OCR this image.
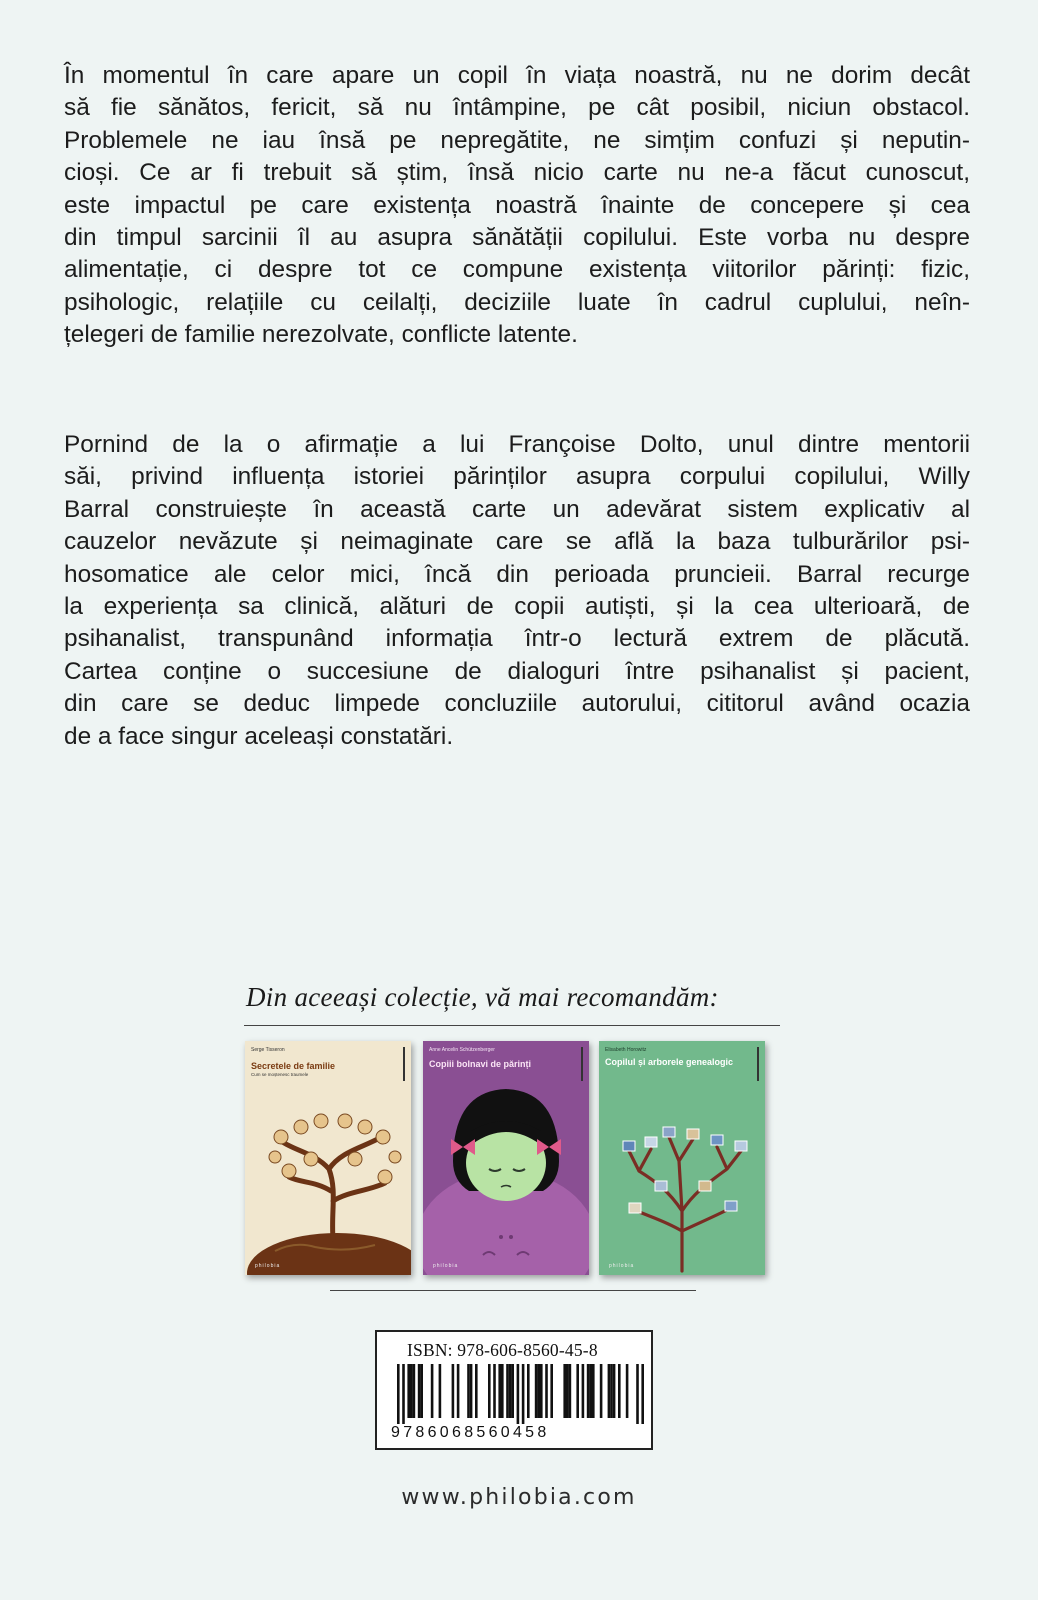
În momentul în care apare un copil în viața noastră, nu ne dorim decât
să fie sănătos, fericit, să nu întâmpine, pe cât posibil, niciun obstacol.
Problemele ne iau însă pe nepregătite, ne simțim confuzi și neputin-
cioși. Ce ar fi trebuit să știm, însă nicio carte nu ne-a făcut cunoscut,
este impactul pe care existența noastră înainte de concepere și cea
din timpul sarcinii îl au asupra sănătății copilului. Este vorba nu despre
alimentație, ci despre tot ce compune existența viitorilor părinți: fizic,
psihologic, relațiile cu ceilalți, deciziile luate în cadrul cuplului, neîn-
țelegeri de familie nerezolvate, conflicte latente.

Pornind de la o afirmație a lui Françoise Dolto, unul dintre mentorii
săi, privind influența istoriei părinților asupra corpului copilului, Willy
Barral construiește în această carte un adevărat sistem explicativ al
cauzelor nevăzute și neimaginate care se află la baza tulburărilor psi-
hosomatice ale celor mici, încă din perioada pruncieii. Barral recurge
la experiența sa clinică, alături de copii autiști, și la cea ulterioară, de
psihanalist, transpunând informația într-o lectură extrem de plăcută.
Cartea conține o succesiune de dialoguri între psihanalist și pacient,
din care se deduc limpede concluziile autorului, cititorul având ocazia
de a face singur aceleași constatări.

Din aceeași colecție, vă mai recomandăm:

Serge Tisseron
Secretele de familie
Cum se moștenesc traumele
philobia
Anne Ancelin Schützenberger
Copiii bolnavi de părinți
philobia
Elisabeth Horowitz
Copilul și arborele genealogic
philobia

ISBN: 978-606-8560-45-8

9786068560458

www.philobia.com
